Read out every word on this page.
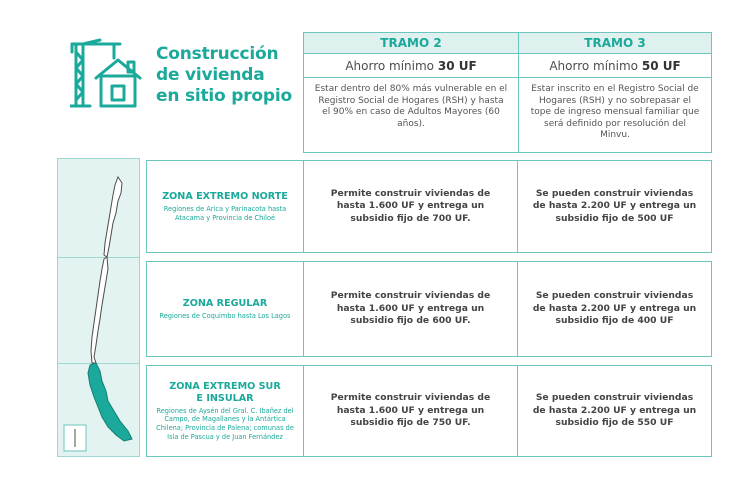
Construcción
de vivienda
en sitio propio
TRAMO 2	TRAMO 3
Ahorro mínimo 30 UF	Ahorro mínimo 50 UF
Estar dentro del 80% más vulnerable en el Registro Social de Hogares (RSH) y hasta el 90% en caso de Adultos Mayores (60 años).
Estar inscrito en el Registro Social de Hogares (RSH) y no sobrepasar el tope de ingreso mensual familiar que será definido por resolución del Minvu.
ZONA EXTREMO NORTE
Regiones de Arica y Parinacota hasta Atacama y Provincia de Chiloé
Permite construir viviendas de hasta 1.600 UF y entrega un subsidio fijo de 700 UF.
Se pueden construir viviendas de hasta 2.200 UF y entrega un subsidio fijo de 500 UF
ZONA REGULAR
Regiones de Coquimbo hasta Los Lagos
Permite construir viviendas de hasta 1.600 UF y entrega un subsidio fijo de 600 UF.
Se pueden construir viviendas de hasta 2.200 UF y entrega un subsidio fijo de 400 UF
ZONA EXTREMO SUR
E INSULAR
Regiones de Aysén del Gral. C. Ibañez del Campo, de Magallanes y la Antártica Chilena; Provincia de Palena; comunas de Isla de Pascua y de Juan Fernández
Permite construir viviendas de hasta 1.600 UF y entrega un subsidio fijo de 750 UF.
Se pueden construir viviendas de hasta 2.200 UF y entrega un subsidio fijo de 550 UF
